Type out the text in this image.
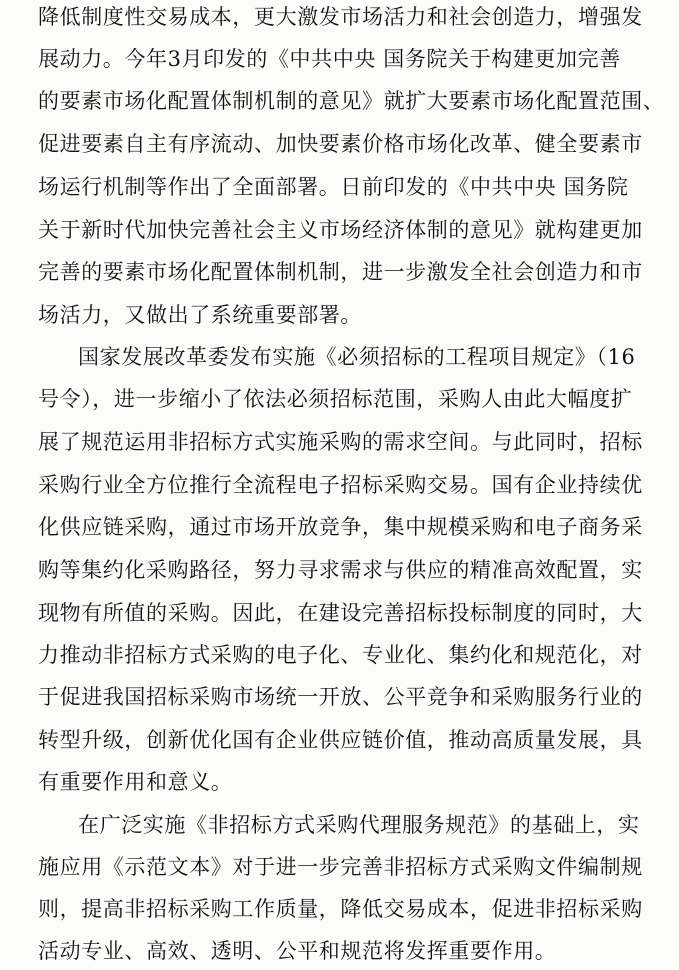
降低制度性交易成本，更大激发市场活力和社会创造力，增强发
展动力。今年3月印发的《中共中央 国务院关于构建更加完善
的要素市场化配置体制机制的意见》就扩大要素市场化配置范围、
促进要素自主有序流动、加快要素价格市场化改革、健全要素市
场运行机制等作出了全面部署。日前印发的《中共中央 国务院
关于新时代加快完善社会主义市场经济体制的意见》就构建更加
完善的要素市场化配置体制机制，进一步激发全社会创造力和市
场活力，又做出了系统重要部署。
国家发展改革委发布实施《必须招标的工程项目规定》（16
号令），进一步缩小了依法必须招标范围，采购人由此大幅度扩
展了规范运用非招标方式实施采购的需求空间。与此同时，招标
采购行业全方位推行全流程电子招标采购交易。国有企业持续优
化供应链采购，通过市场开放竞争，集中规模采购和电子商务采
购等集约化采购路径，努力寻求需求与供应的精准高效配置，实
现物有所值的采购。因此，在建设完善招标投标制度的同时，大
力推动非招标方式采购的电子化、专业化、集约化和规范化，对
于促进我国招标采购市场统一开放、公平竞争和采购服务行业的
转型升级，创新优化国有企业供应链价值，推动高质量发展，具
有重要作用和意义。
在广泛实施《非招标方式采购代理服务规范》的基础上，实
施应用《示范文本》对于进一步完善非招标方式采购文件编制规
则，提高非招标采购工作质量，降低交易成本，促进非招标采购
活动专业、高效、透明、公平和规范将发挥重要作用。
